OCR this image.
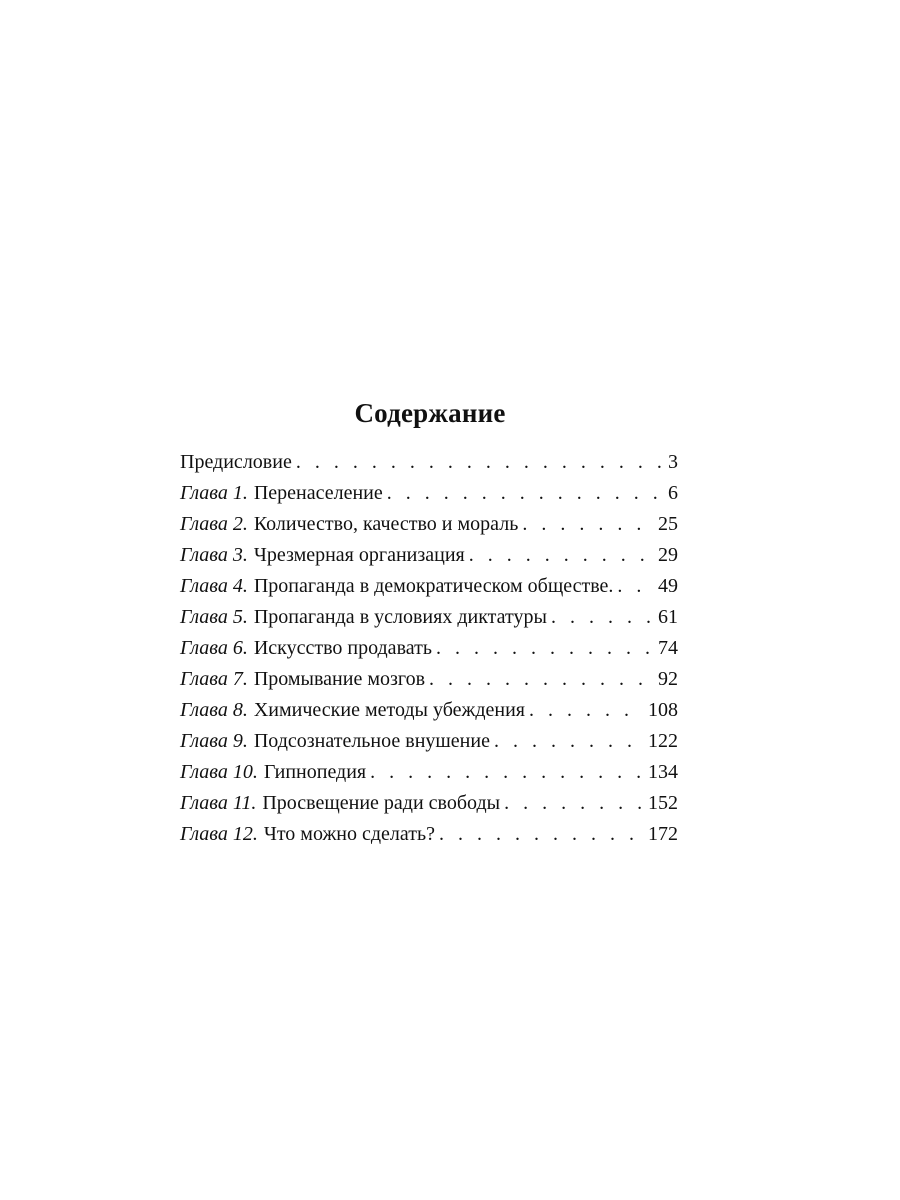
Содержание
Предисловие . . .	3
Глава 1. Перенаселение . . .	6
Глава 2. Количество, качество и мораль . . .	25
Глава 3. Чрезмерная организация . . .	29
Глава 4. Пропаганда в демократическом обществе. . . . 49
Глава 5. Пропаганда в условиях диктатуры . . .	61
Глава 6. Искусство продавать . . .	74
Глава 7. Промывание мозгов . . .	92
Глава 8. Химические методы убеждения . . .	108
Глава 9. Подсознательное внушение . . .	122
Глава 10. Гипнопедия . . .	134
Глава 11. Просвещение ради свободы . . .	152
Глава 12. Что можно сделать? . . .	172
